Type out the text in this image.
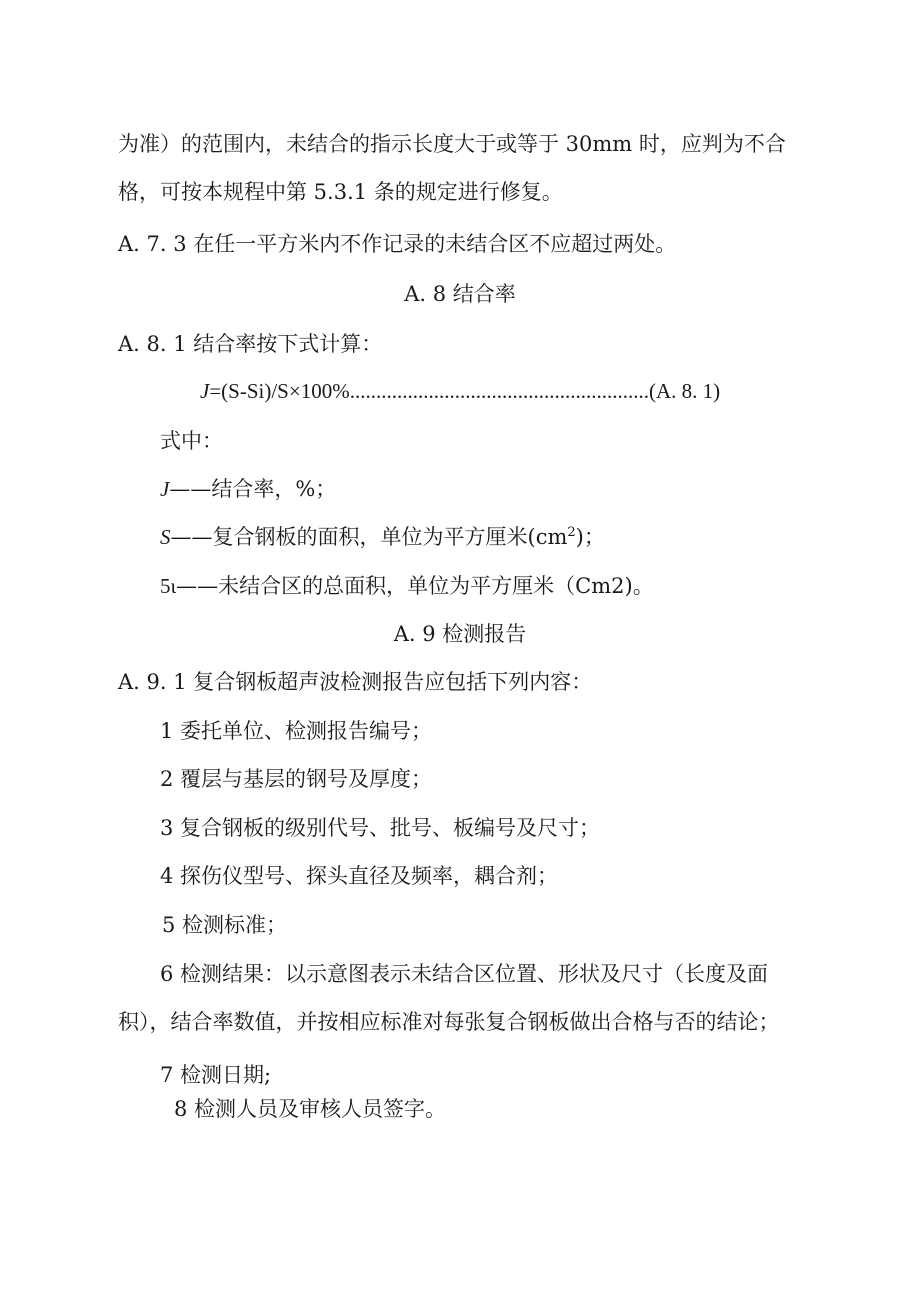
为准）的范围内，未结合的指示长度大于或等于 30mm 时，应判为不合
格，可按本规程中第 5.3.1 条的规定进行修复。
A. 7. 3 在任一平方米内不作记录的未结合区不应超过两处。
A. 8 结合率
A. 8. 1 结合率按下式计算：
J=(S-Si)/S×100%.........................................................(A. 8. 1)
式中：
J——结合率，%；
S——复合钢板的面积，单位为平方厘米$(cm^2)$；
5ι——未结合区的总面积，单位为平方厘米（Cm2)。
A. 9 检测报告
A. 9. 1 复合钢板超声波检测报告应包括下列内容：
1 委托单位、检测报告编号；
2 覆层与基层的钢号及厚度；
3 复合钢板的级别代号、批号、板编号及尺寸；
4 探伤仪型号、探头直径及频率，耦合剂；
5 检测标准；
6 检测结果：以示意图表示未结合区位置、形状及尺寸（长度及面
积），结合率数值，并按相应标准对每张复合钢板做出合格与否的结论；
7 检测日期;
8 检测人员及审核人员签字。
